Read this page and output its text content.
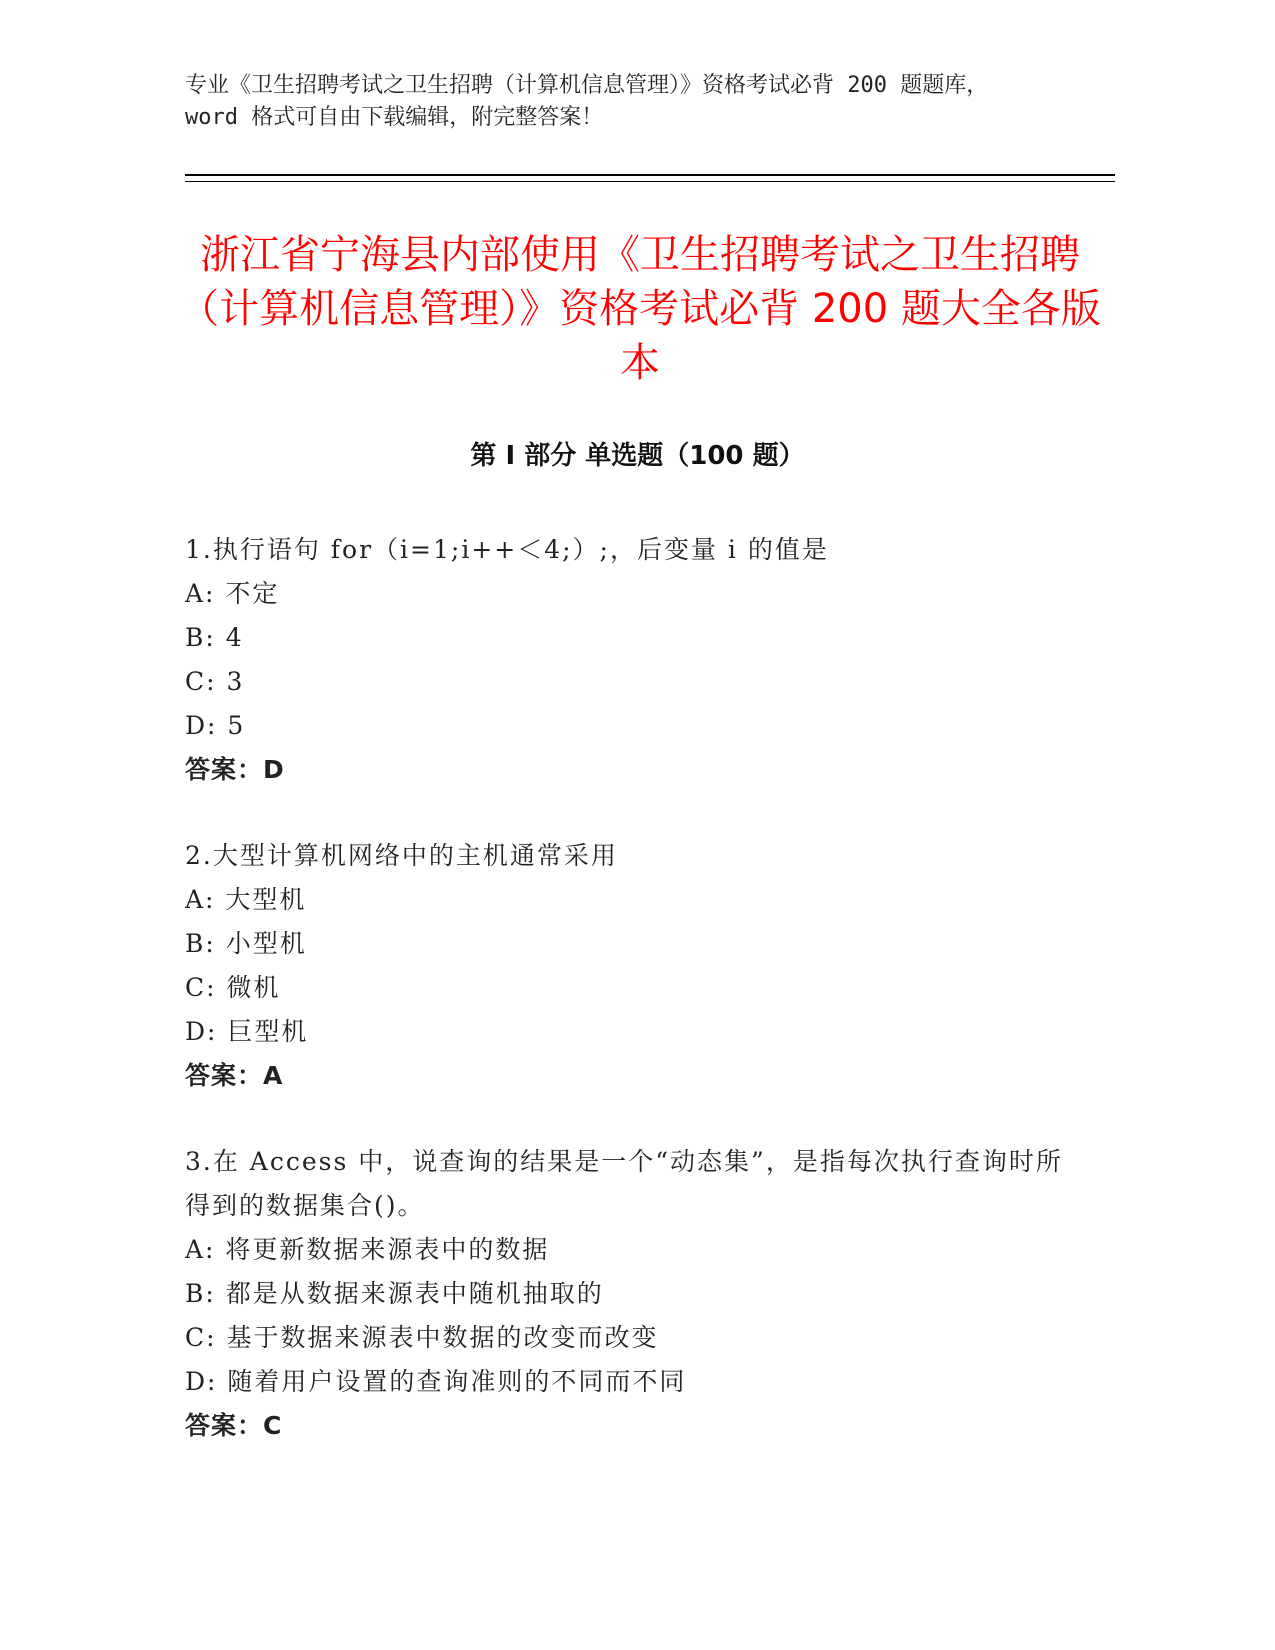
专业《卫生招聘考试之卫生招聘（计算机信息管理）》资格考试必背 200 题题库，
word 格式可自由下载编辑，附完整答案！
浙江省宁海县内部使用《卫生招聘考试之卫生招聘（计算机信息管理）》资格考试必背 200 题大全各版本
第 I 部分 单选题（100 题）
1.执行语句 for（i=1;i++＜4;）;，后变量 i 的值是
A: 不定
B: 4
C: 3
D: 5
答案：D
2.大型计算机网络中的主机通常采用
A: 大型机
B: 小型机
C: 微机
D: 巨型机
答案：A
3.在 Access 中，说查询的结果是一个“动态集”，是指每次执行查询时所得到的数据集合()。
A: 将更新数据来源表中的数据
B: 都是从数据来源表中随机抽取的
C: 基于数据来源表中数据的改变而改变
D: 随着用户设置的查询准则的不同而不同
答案：C
